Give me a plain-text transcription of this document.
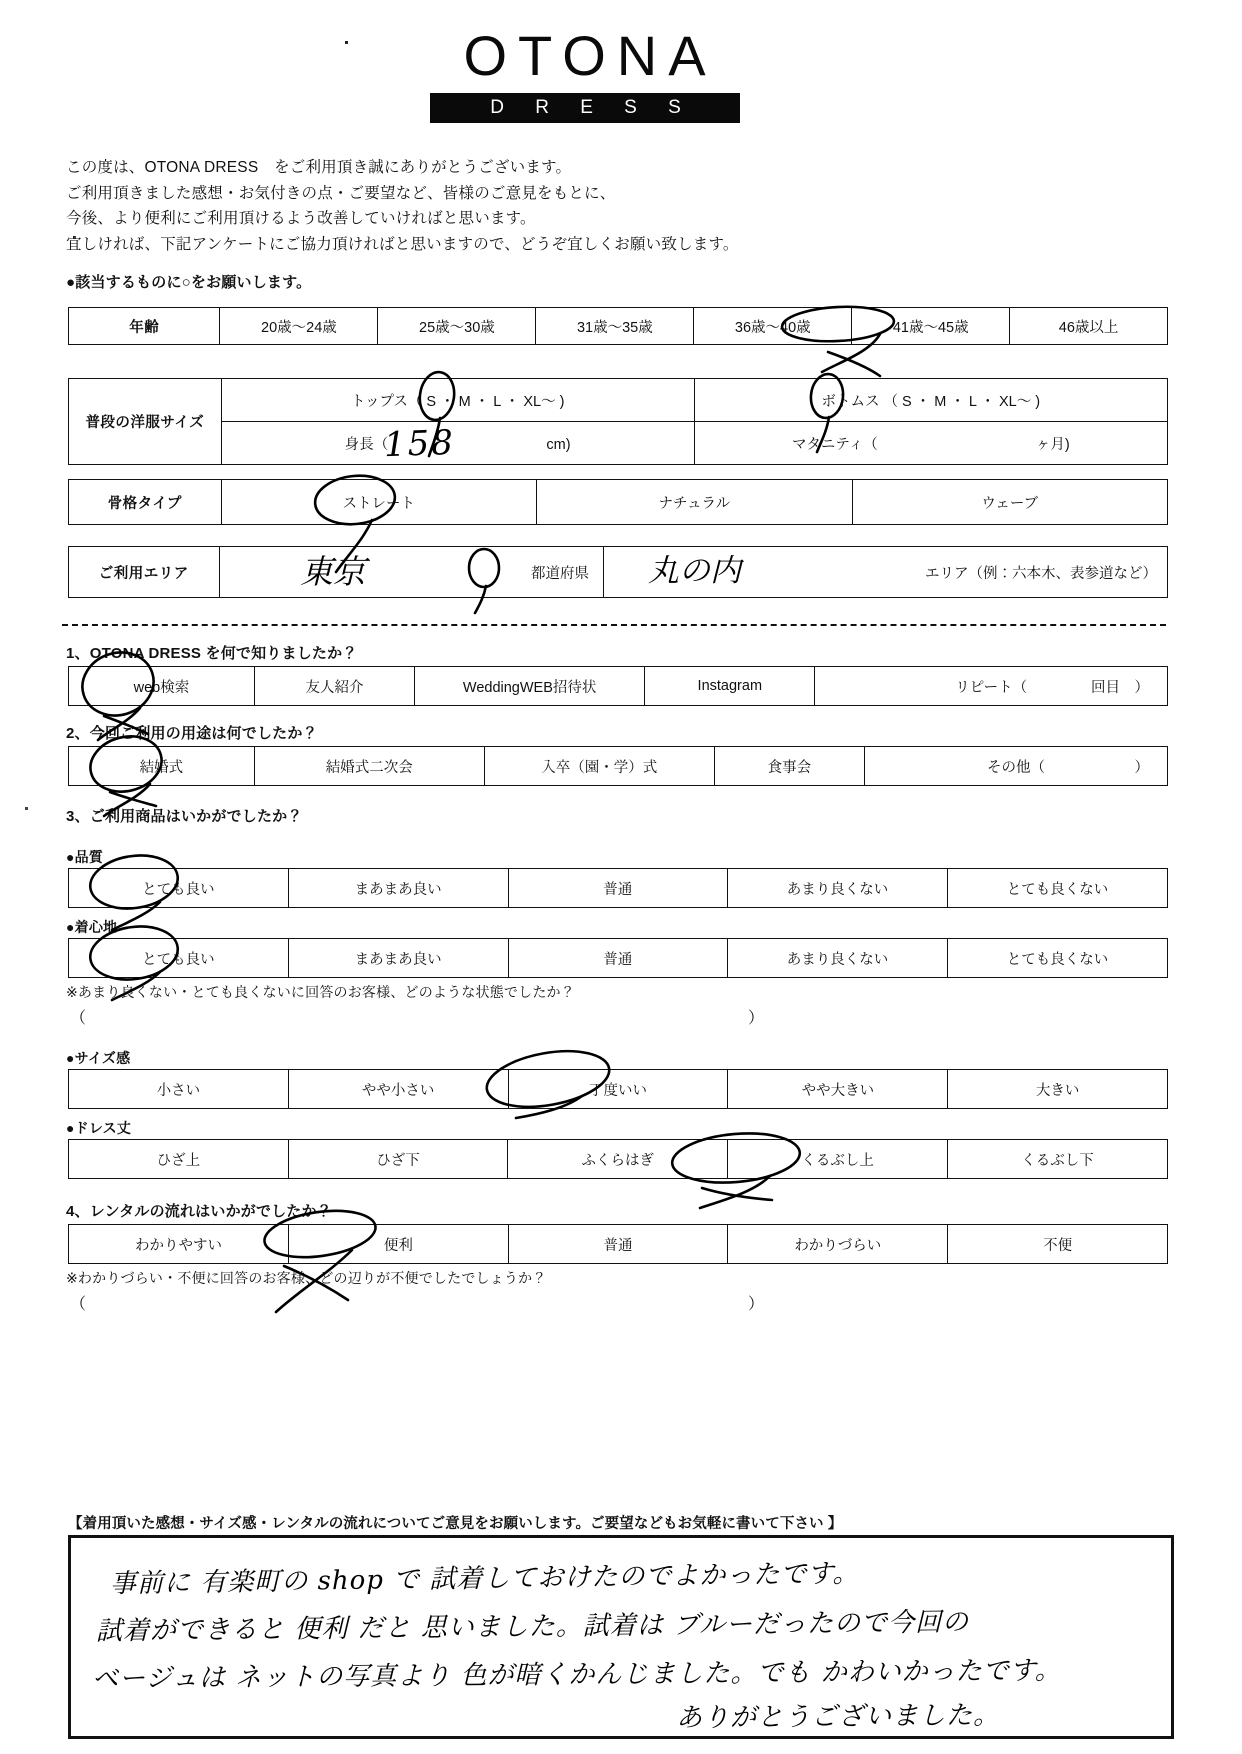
OTONA
D R E S S
この度は、OTONA DRESS　をご利用頂き誠にありがとうございます。
ご利用頂きました感想・お気付きの点・ご要望など、皆様のご意見をもとに、
今後、より便利にご利用頂けるよう改善していければと思います。
宜しければ、下記アンケートにご協力頂ければと思いますので、どうぞ宜しくお願い致します。
●該当するものに○をお願いします。
年齢	20歳～24歳	25歳～30歳	31歳～35歳	36歳～40歳	41歳～45歳	46歳以上
普段の洋服サイズ	トップス（ S ・ M ・ L ・ XL～ )	ボトムス （ S ・ M ・ L ・ XL～ )
	身長（ cm)	マタニティ（ ヶ月)
骨格タイプ	ストレート	ナチュラル	ウェーブ
ご利用エリア	都道府県	エリア（例：六本木、表参道など）
1、OTONA DRESS を何で知りましたか？
web検索	友人紹介	WeddingWEB招待状	Instagram	リピート（	回目　）
2、今回ご利用の用途は何でしたか？
結婚式	結婚式二次会	入卒（園・学）式	食事会	その他（	）
3、ご利用商品はいかがでしたか？
●品質
とても良い	まあまあ良い	普通	あまり良くない	とても良くない
●着心地
とても良い	まあまあ良い	普通	あまり良くない	とても良くない
※あまり良くない・とても良くないに回答のお客様、どのような状態でしたか？
（	）
●サイズ感
小さい	やや小さい	丁度いい	やや大きい	大きい
●ドレス丈
ひざ上	ひざ下	ふくらはぎ	くるぶし上	くるぶし下
4、レンタルの流れはいかがでしたか？
わかりやすい	便利	普通	わかりづらい	不便
※わかりづらい・不便に回答のお客様、どの辺りが不便でしたでしょうか？
（	）
【着用頂いた感想・サイズ感・レンタルの流れについてご意見をお願いします。ご要望などもお気軽に書いて下さい 】
158
東京	丸の内
事前に 有楽町の shop で 試着しておけたのでよかったです。
試着ができると 便利 だと 思いました。試着は ブルーだったので今回の
ベージュは ネットの写真より 色が暗くかんじました。でも かわいかったです。
ありがとうございました。
